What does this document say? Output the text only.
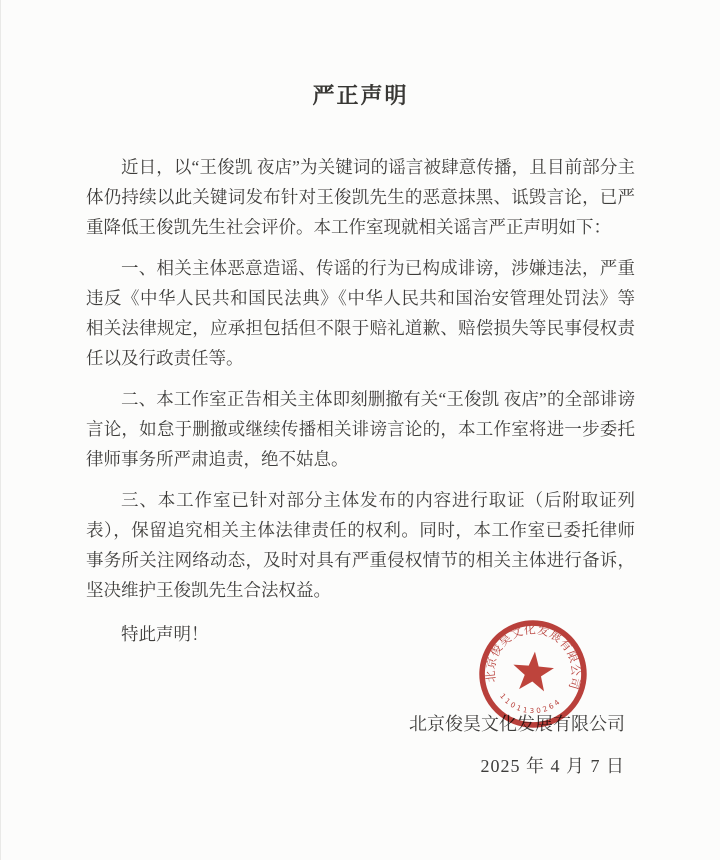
严正声明

近日，以“王俊凯 夜店”为关键词的谣言被肆意传播，且目前部分主体仍持续以此关键词发布针对王俊凯先生的恶意抹黑、诋毁言论，已严重降低王俊凯先生社会评价。本工作室现就相关谣言严正声明如下：

一、相关主体恶意造谣、传谣的行为已构成诽谤，涉嫌违法，严重违反《中华人民共和国民法典》《中华人民共和国治安管理处罚法》等相关法律规定，应承担包括但不限于赔礼道歉、赔偿损失等民事侵权责任以及行政责任等。

二、本工作室正告相关主体即刻删撤有关“王俊凯 夜店”的全部诽谤言论，如怠于删撤或继续传播相关诽谤言论的，本工作室将进一步委托律师事务所严肃追责，绝不姑息。

三、本工作室已针对部分主体发布的内容进行取证（后附取证列表），保留追究相关主体法律责任的权利。同时，本工作室已委托律师事务所关注网络动态，及时对具有严重侵权情节的相关主体进行备诉，坚决维护王俊凯先生合法权益。

特此声明！

北京俊昊文化发展有限公司
2025 年 4 月 7 日
北京俊昊文化发展有限公司
1101130264
